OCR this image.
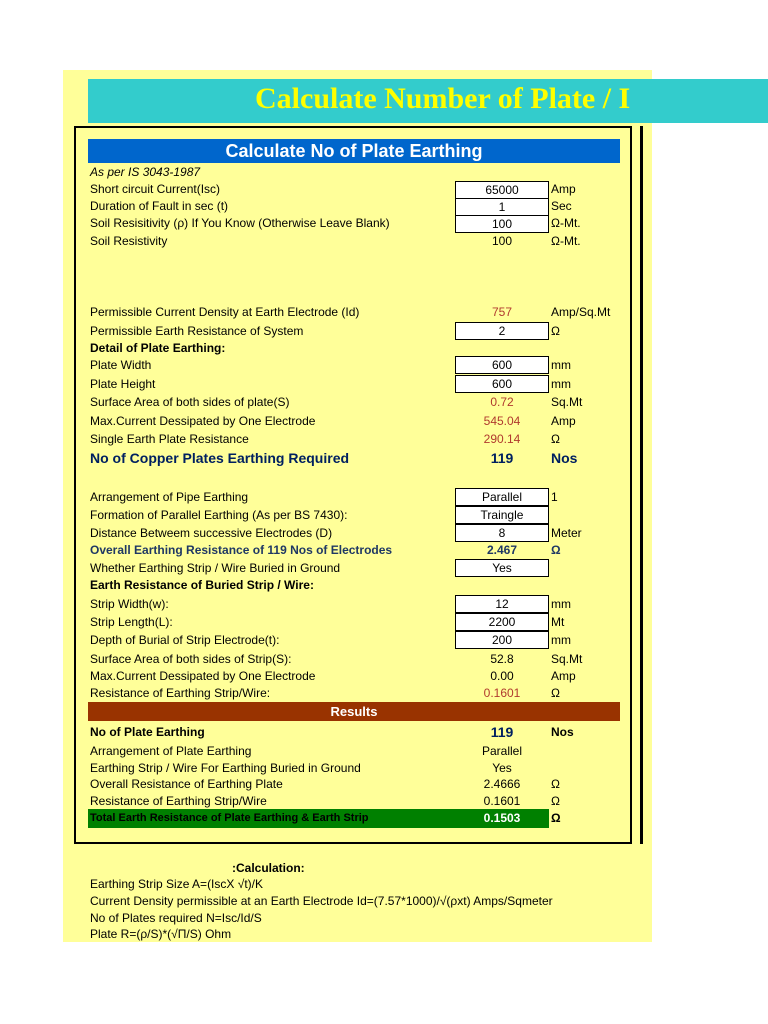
Calculate Number of Plate / I
Calculate No of Plate Earthing
As per IS 3043-1987
Short circuit Current(Isc)	65000	Amp
Duration of Fault in sec (t)	1	Sec
Soil Resisitivity (ρ) If You Know (Otherwise Leave Blank)	100	Ω-Mt.
Soil Resistivity	100	Ω-Mt.
Permissible Current Density at Earth Electrode (Id)	757	Amp/Sq.Mt
Permissible Earth Resistance of System	2	Ω
Detail of Plate Earthing:
Plate Width	600	mm
Plate Height	600	mm
Surface Area of both sides of plate(S)	0.72	Sq.Mt
Max.Current Dessipated by One Electrode	545.04	Amp
Single Earth Plate Resistance	290.14	Ω
No of Copper Plates Earthing Required	119	Nos
Arrangement of Pipe Earthing	Parallel	1
Formation of Parallel Earthing (As per BS 7430):	Traingle
Distance Betweem successive Electrodes (D)	8	Meter
Overall Earthing Resistance of 119 Nos of Electrodes	2.467	Ω
Whether Earthing Strip / Wire Buried in Ground	Yes
Earth Resistance of Buried Strip / Wire:
Strip Width(w):	12	mm
Strip Length(L):	2200	Mt
Depth of Burial of Strip Electrode(t):	200	mm
Surface Area of both sides of Strip(S):	52.8	Sq.Mt
Max.Current Dessipated by One Electrode	0.00	Amp
Resistance of Earthing Strip/Wire:	0.1601	Ω
Results
No of Plate Earthing	119	Nos
Arrangement of Plate Earthing	Parallel
Earthing Strip / Wire For Earthing Buried in Ground	Yes
Overall Resistance of Earthing Plate	2.4666	Ω
Resistance of Earthing Strip/Wire	0.1601	Ω
Total Earth Resistance of Plate Earthing & Earth Strip	0.1503	Ω
:Calculation:
Earthing Strip Size A=(IscX √t)/K
Current Density permissible at an Earth Electrode Id=(7.57*1000)/√(ρxt) Amps/Sqmeter
No of Plates required N=Isc/Id/S
Plate R=(ρ/S)*(√Π/S) Ohm
